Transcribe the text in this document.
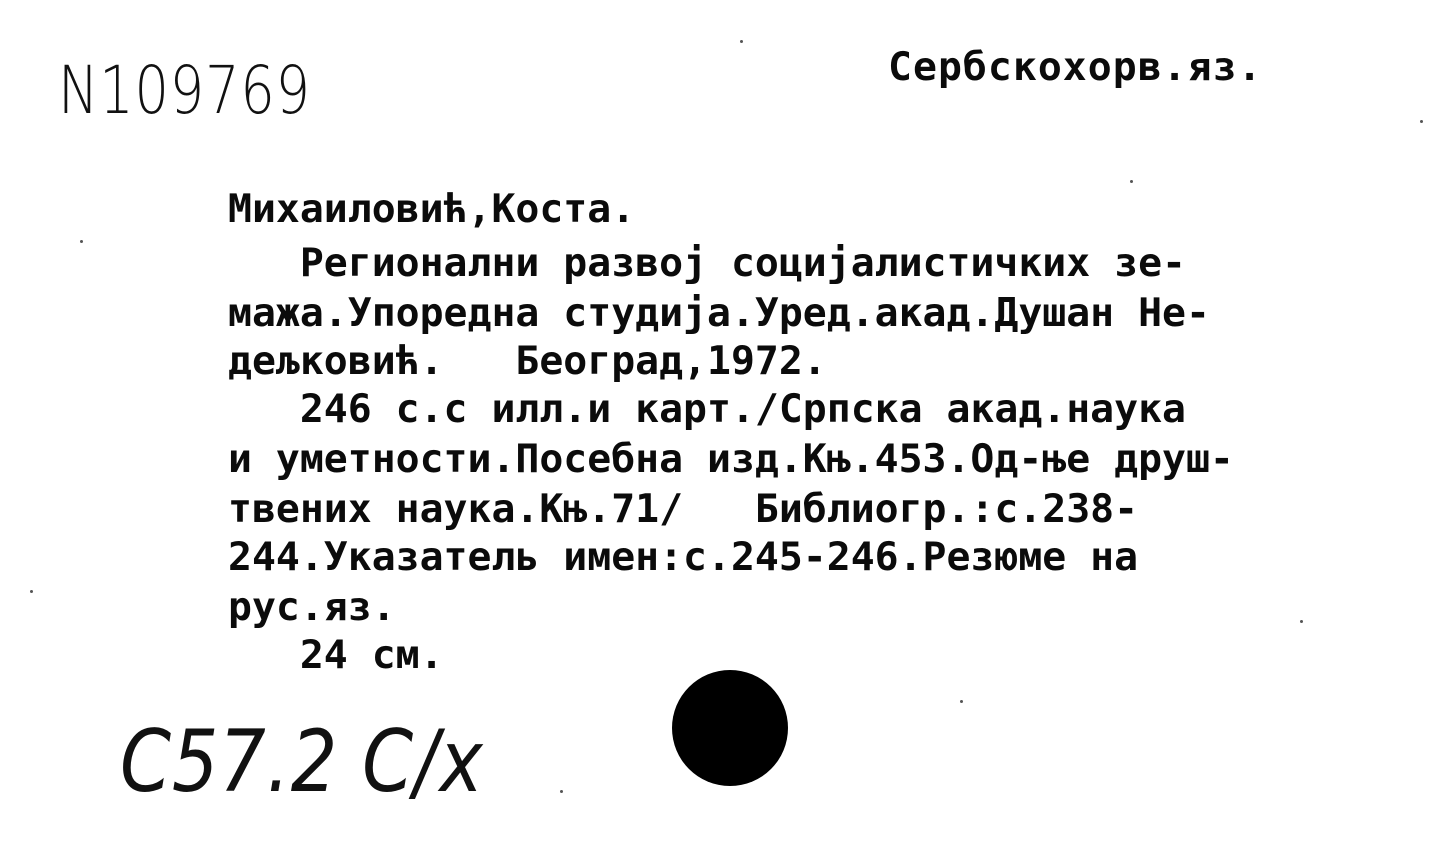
N109769	Сербскохорв.яз.
Михаиловић,Коста.
Регионални развоj социjалистичких зе-
мажа.Упоредна студиjа.Уред.акад.Душан Не-
дељковић.   Београд,1972.
246 с.с илл.и карт./Српска акад.наука
и уметности.Посебна изд.Књ.453.Од-ње друш-
твених наука.Књ.71/   Библиогр.:с.238-
244.Указатель имен:с.245-246.Резюме на
рус.яз.
24 см.
С57.2 С/х
